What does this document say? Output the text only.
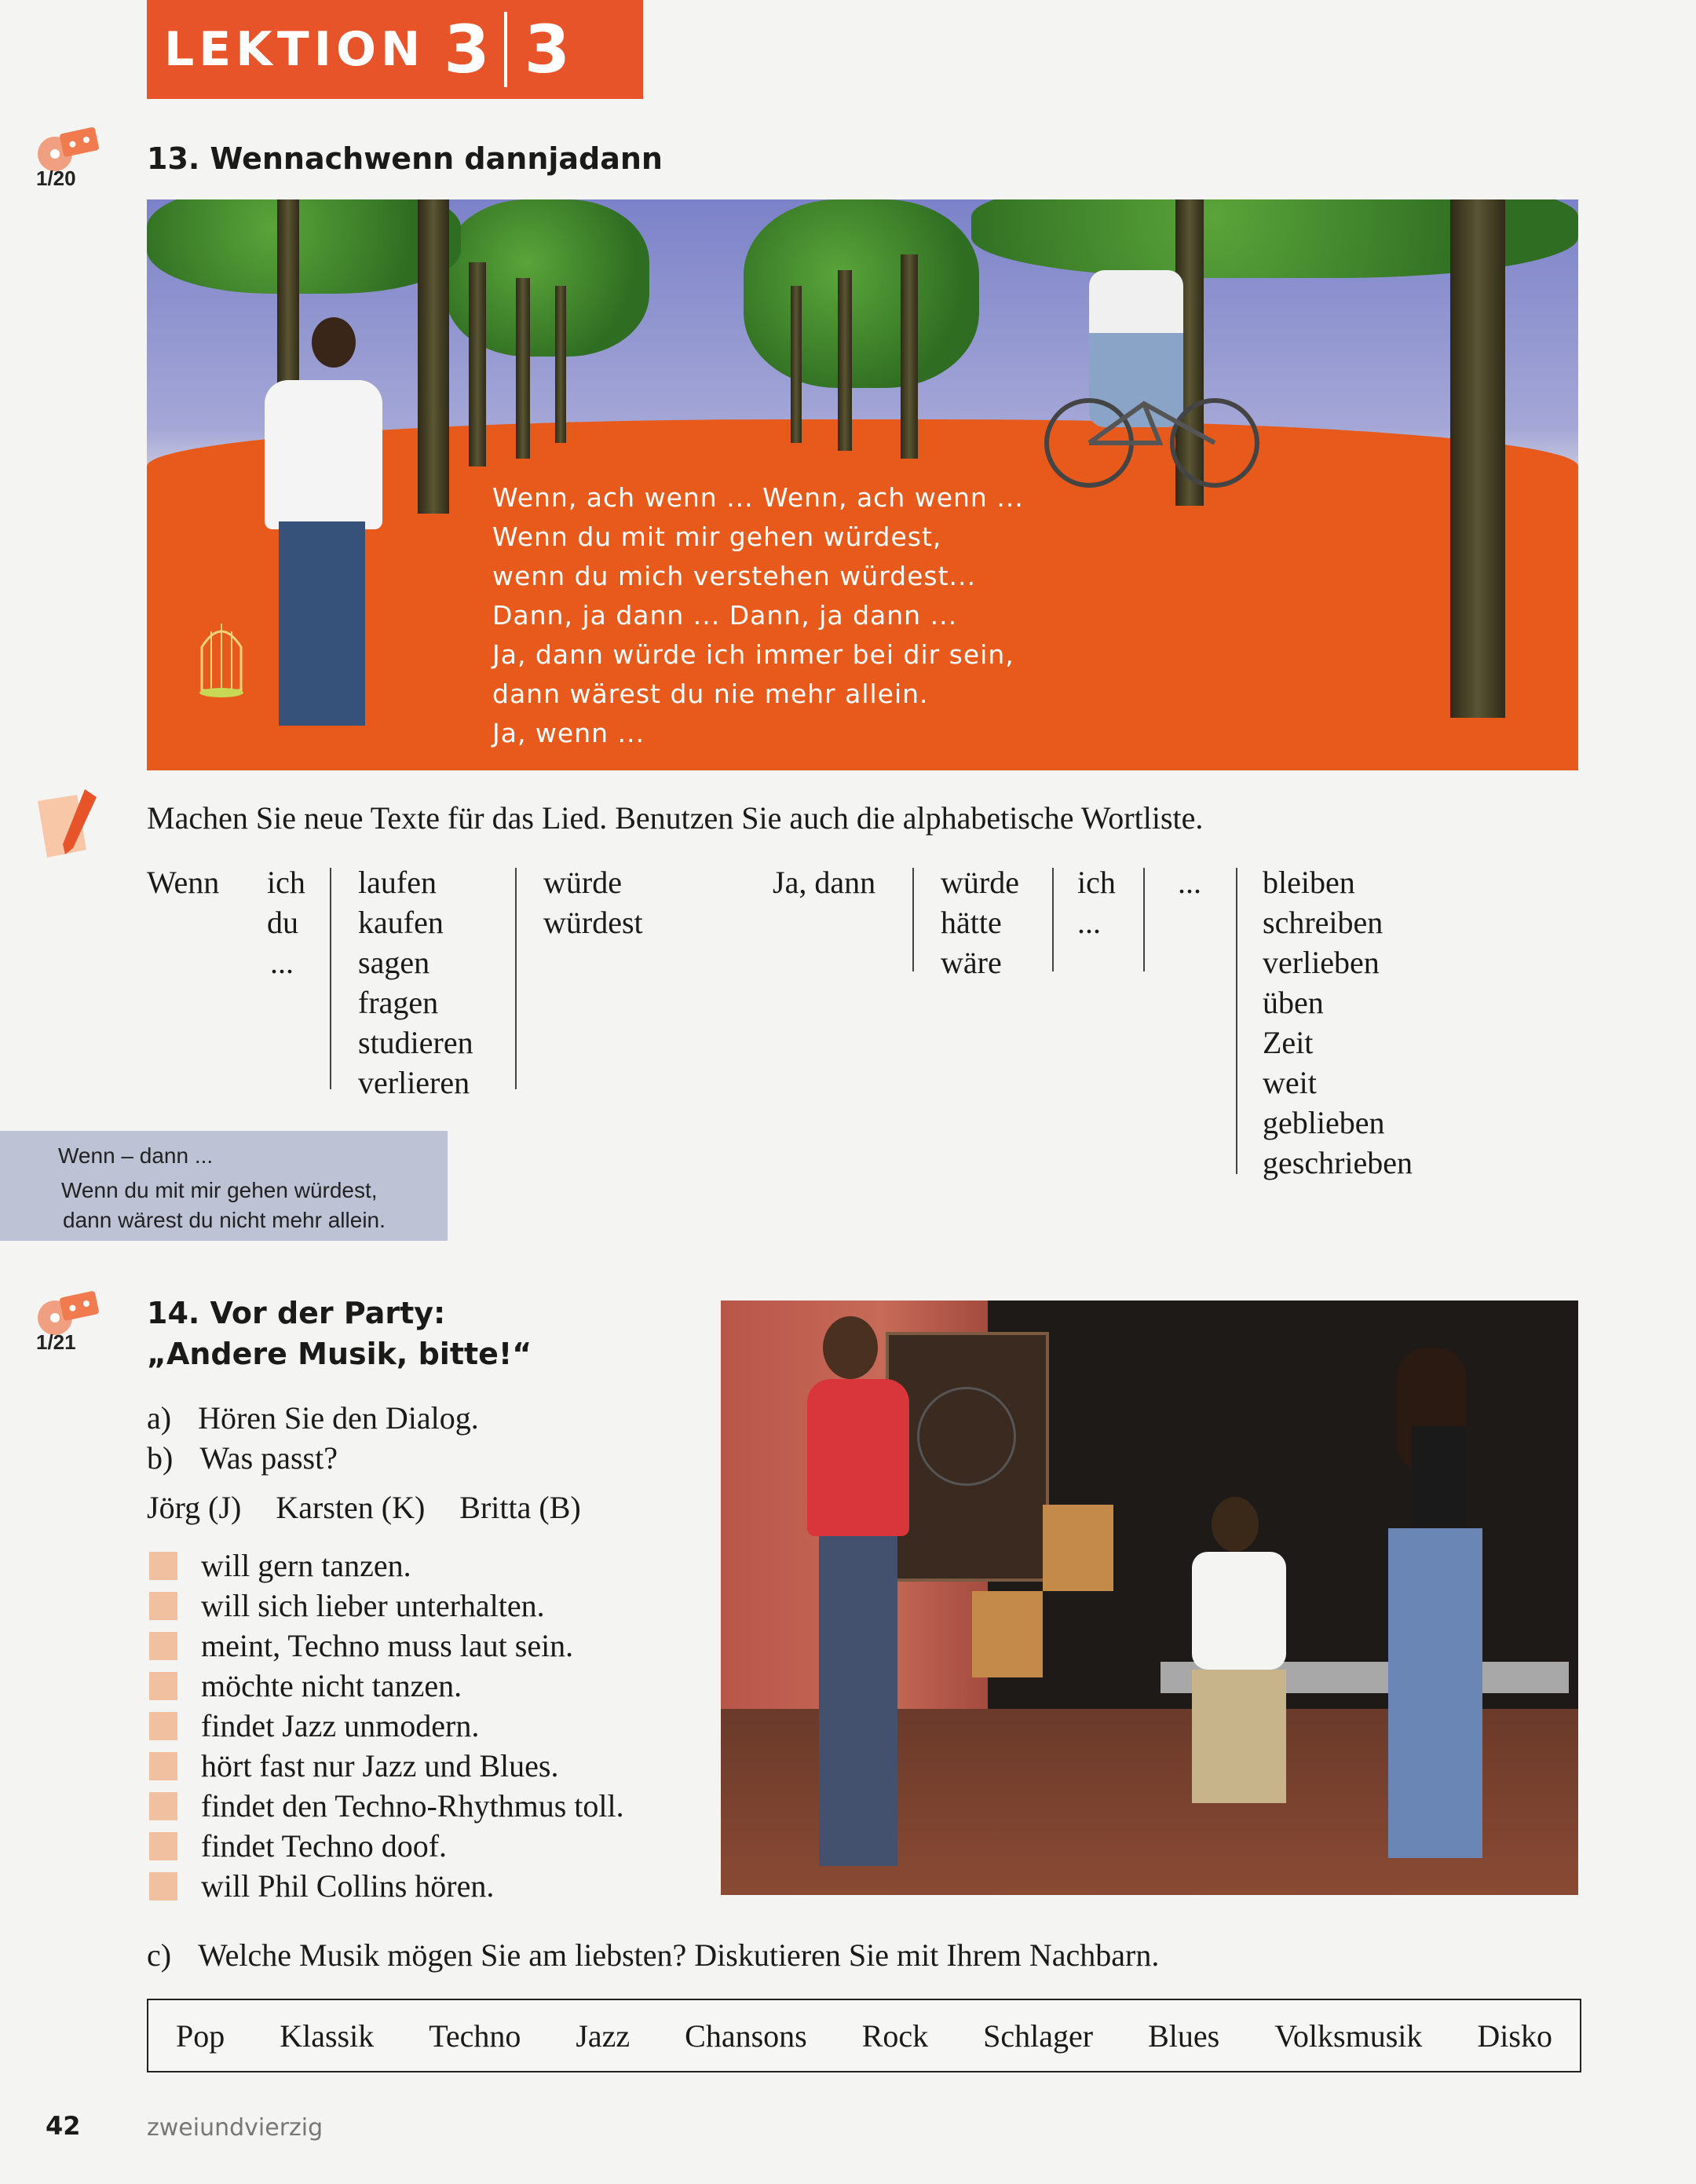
LEKTION 3 3
1/20
13. Wennachwenn dannjadann
Wenn, ach wenn ... Wenn, ach wenn ...
Wenn du mit mir gehen würdest,
wenn du mich verstehen würdest...
Dann, ja dann ... Dann, ja dann ...
Ja, dann würde ich immer bei dir sein,
dann wärest du nie mehr allein.
Ja, wenn ...
Machen Sie neue Texte für das Lied. Benutzen Sie auch die alphabetische Wortliste.
Wenn ich
du
...
laufen
kaufen
sagen
fragen
studieren
verlieren
würde
würdest
Ja, dann würde
hätte
wäre
ich
...
... bleiben
schreiben
verlieben
üben
Zeit
weit
geblieben
geschrieben
Wenn – dann ...
Wenn du mit mir gehen würdest,
dann wärest du nicht mehr allein.
1/21
14. Vor der Party:
„Andere Musik, bitte!“
a) Hören Sie den Dialog.
b) Was passt?
Jörg (J) Karsten (K) Britta (B)
will gern tanzen.
will sich lieber unterhalten.
meint, Techno muss laut sein.
möchte nicht tanzen.
findet Jazz unmodern.
hört fast nur Jazz und Blues.
findet den Techno-Rhythmus toll.
findet Techno doof.
will Phil Collins hören.
c) Welche Musik mögen Sie am liebsten? Diskutieren Sie mit Ihrem Nachbarn.
Pop Klassik Techno Jazz Chansons Rock Schlager Blues Volksmusik Disko
42	zweiundvierzig
